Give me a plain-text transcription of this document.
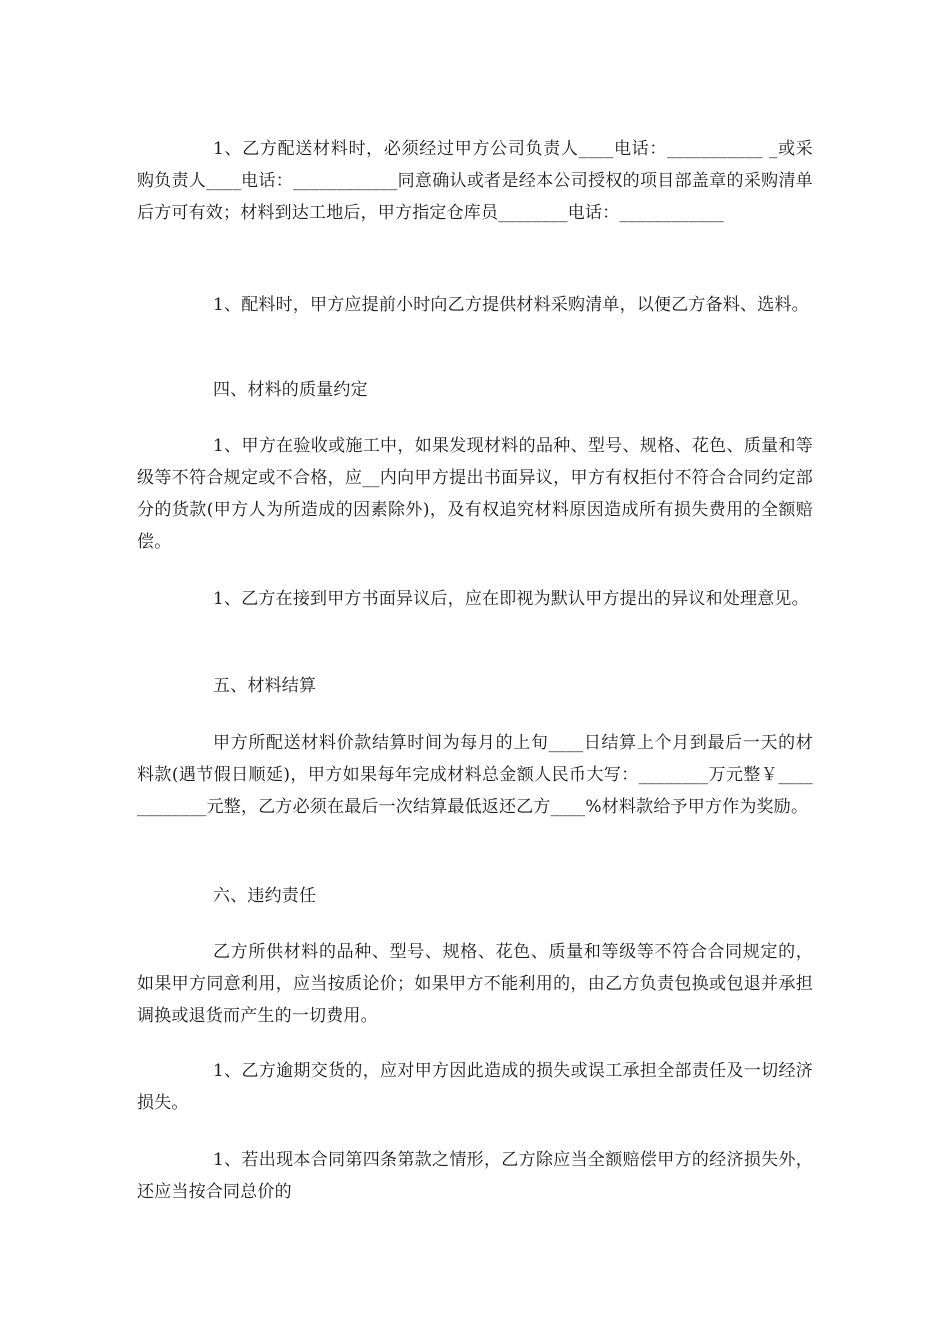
1、乙方配送材料时，必须经过甲方公司负责人____电话：___________ _或采购负责人____电话：____________同意确认或者是经本公司授权的项目部盖章的采购清单后方可有效；材料到达工地后，甲方指定仓库员________电话：____________

1、配料时，甲方应提前小时向乙方提供材料采购清单，以便乙方备料、选料。

四、材料的质量约定

1、甲方在验收或施工中，如果发现材料的品种、型号、规格、花色、质量和等级等不符合规定或不合格，应__内向甲方提出书面异议，甲方有权拒付不符合合同约定部分的货款(甲方人为所造成的因素除外)，及有权追究材料原因造成所有损失费用的全额赔偿。

1、乙方在接到甲方书面异议后，应在即视为默认甲方提出的异议和处理意见。

五、材料结算

甲方所配送材料价款结算时间为每月的上旬____日结算上个月到最后一天的材料款(遇节假日顺延)，甲方如果每年完成材料总金额人民币大写：________万元整￥____________元整，乙方必须在最后一次结算最低返还乙方____%材料款给予甲方作为奖励。

六、违约责任

乙方所供材料的品种、型号、规格、花色、质量和等级等不符合合同规定的，如果甲方同意利用，应当按质论价；如果甲方不能利用的，由乙方负责包换或包退并承担调换或退货而产生的一切费用。

1、乙方逾期交货的，应对甲方因此造成的损失或误工承担全部责任及一切经济损失。

1、若出现本合同第四条第款之情形，乙方除应当全额赔偿甲方的经济损失外，还应当按合同总价的
